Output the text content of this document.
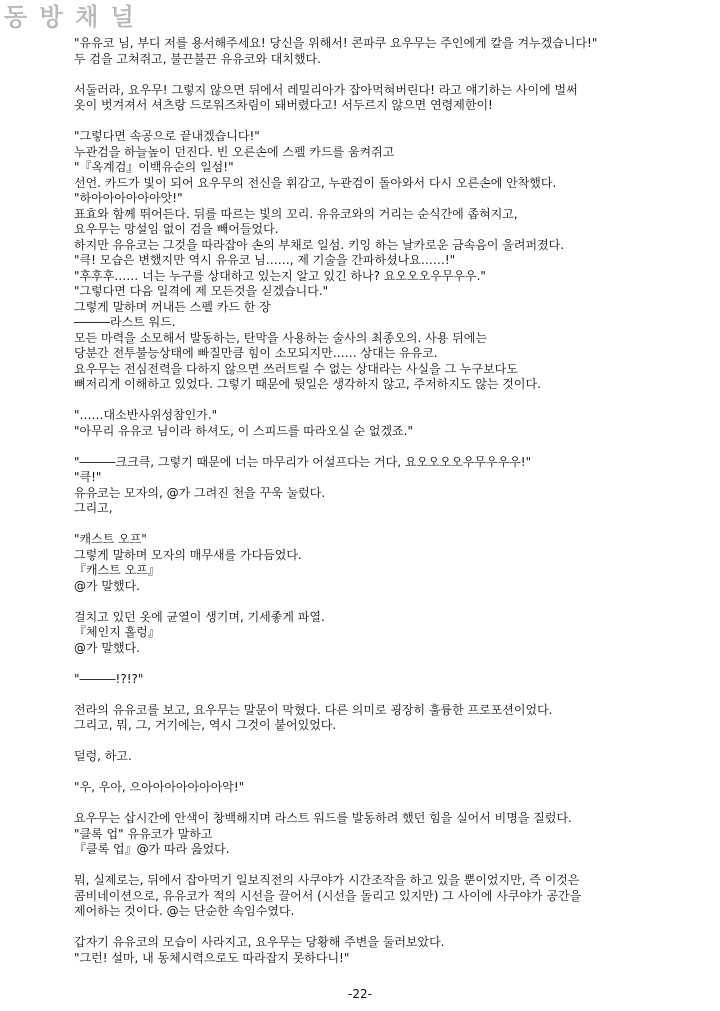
동 방 채 널
"유유코 님, 부디 저를 용서해주세요! 당신을 위해서! 콘파쿠 요우무는 주인에게 칼을 겨누겠습니다!"
두 검을 고쳐쥐고, 불끈불끈 유유코와 대치했다.
서둘러라, 요우무! 그렇지 않으면 뒤에서 레밀리아가 잡아먹혀버린다! 라고 얘기하는 사이에 벌써
옷이 벗겨져서 셔츠랑 드로워즈차림이 돼버렸다고! 서두르지 않으면 연령제한이!
"그렇다면 속공으로 끝내겠습니다!"
누관검을 하늘높이 던진다. 빈 오른손에 스펠 카드를 움켜쥐고
"『옥계검』이백유순의 일섬!"
선언. 카드가 빛이 되어 요우무의 전신을 휘감고, 누관검이 돌아와서 다시 오른손에 안착했다.
"하아아아아아아앗!"
표효와 함께 뛰어든다. 뒤를 따르는 빛의 꼬리. 유유코와의 거리는 순식간에 좁혀지고,
요우무는 망설임 없이 검을 빼어들었다.
하지만 유유코는 그것을 따라잡아 손의 부채로 일섬. 키잉 하는 날카로운 금속음이 울려퍼졌다.
"큭! 모습은 변했지만 역시 유유코 님……, 제 기술을 간파하셨나요……!"
"후후후…… 너는 누구를 상대하고 있는지 알고 있긴 하나? 요오오오우무우우."
"그렇다면 다음 일격에 제 모든것을 싣겠습니다."
그렇게 말하며 꺼내든 스펠 카드 한 장
―――라스트 워드.
모든 마력을 소모해서 발동하는, 탄막을 사용하는 술사의 최종오의. 사용 뒤에는
당분간 전투불능상태에 빠질만큼 힘이 소모되지만…… 상대는 유유코.
요우무는 전심전력을 다하지 않으면 쓰러트릴 수 없는 상대라는 사실을 그 누구보다도
뼈저리게 이해하고 있었다. 그렇기 때문에 뒷일은 생각하지 않고, 주저하지도 않는 것이다.
"……대소반사위성참인가."
"아무리 유유코 님이라 하셔도, 이 스피드를 따라오실 순 없겠죠."
"―――크크큭, 그렇기 때문에 너는 마무리가 어설프다는 거다, 요오오오오우무우우우!"
"큭!"
유유코는 모자의, @가 그려진 천을 꾸욱 눌렀다.
그리고,
"캐스트 오프"
그렇게 말하며 모자의 매무새를 가다듬었다.
『캐스트 오프』
@가 말했다.
걸치고 있던 옷에 균열이 생기며, 기세좋게 파열.
『체인지 홀렁』
@가 말했다.
"―――!?!?"
전라의 유유코를 보고, 요우무는 말문이 막혔다. 다른 의미로 굉장히 훌륭한 프로포션이었다.
그리고, 뭐, 그, 거기에는, 역시 그것이 붙어있었다.
덜렁, 하고.
"우, 우아, 으아아아아아아아악!"
요우무는 삽시간에 안색이 창백해지며 라스트 워드를 발동하려 했던 힘을 실어서 비명을 질렀다.
"클록 업" 유유코가 말하고
『클록 업』@가 따라 읊었다.
뭐, 실제로는, 뒤에서 잡아먹기 일보직전의 사쿠야가 시간조작을 하고 있을 뿐이었지만, 즉 이것은
콤비네이션으로, 유유코가 적의 시선을 끌어서 (시선을 돌리고 있지만) 그 사이에 사쿠야가 공간을
제어하는 것이다. @는 단순한 속임수였다.
갑자기 유유코의 모습이 사라지고, 요우무는 당황해 주변을 둘러보았다.
"그런! 설마, 내 동체시력으로도 따라잡지 못하다니!"
-22-
